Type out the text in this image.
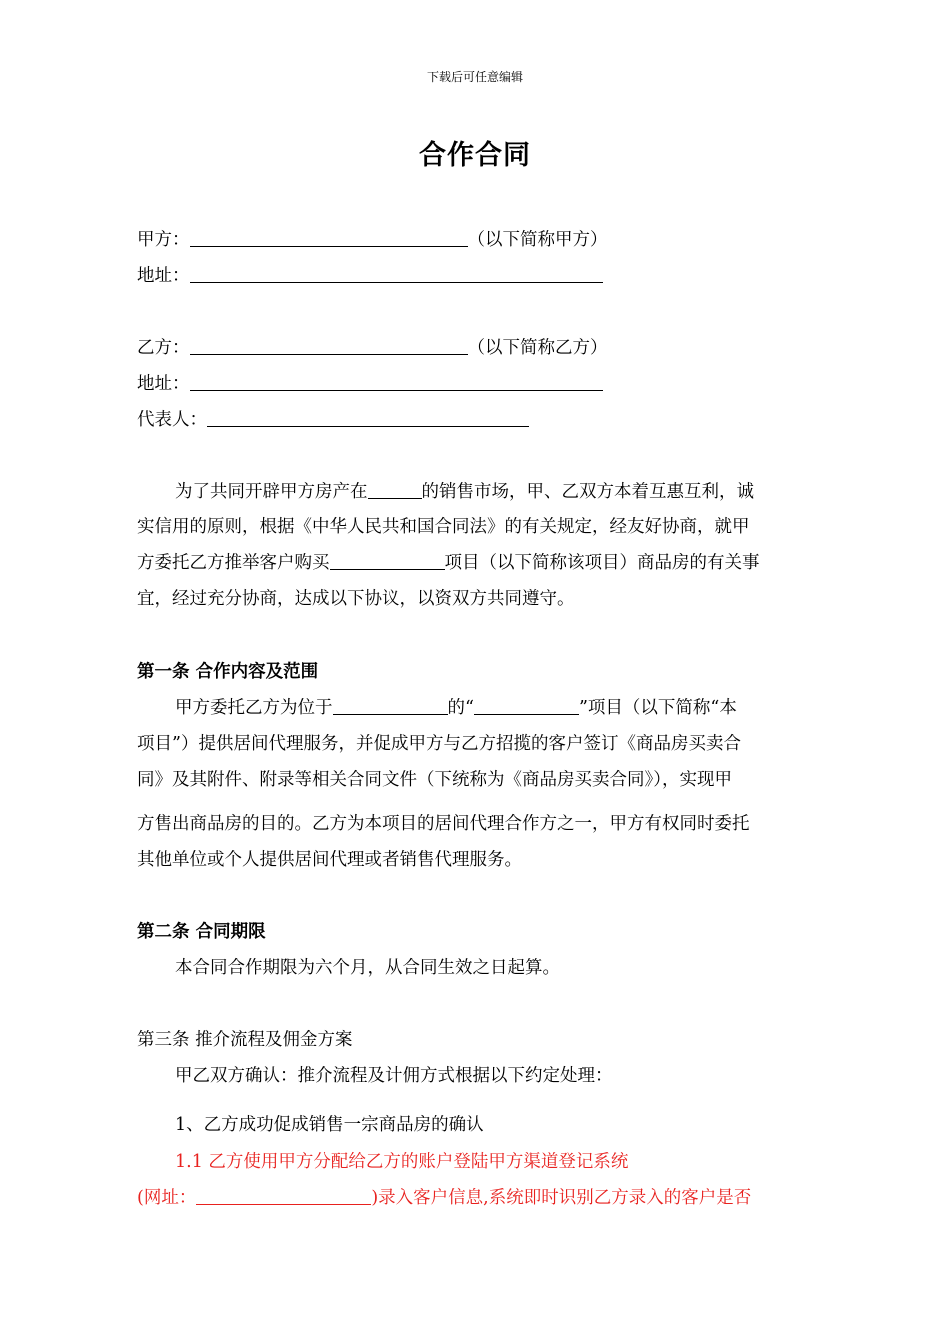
下载后可任意编辑
合作合同
甲方：	（以下简称甲方）
地址：
乙方：	（以下简称乙方）
地址：
代表人：
为了共同开辟甲方房产在	的销售市场，甲、乙双方本着互惠互利，诚
实信用的原则，根据《中华人民共和国合同法》的有关规定，经友好协商，就甲
方委托乙方推举客户购买	项目（以下简称该项目）商品房的有关事
宜，经过充分协商，达成以下协议，以资双方共同遵守。
第一条 合作内容及范围
甲方委托乙方为位于	的“	”项目（以下简称“本
项目”）提供居间代理服务，并促成甲方与乙方招揽的客户签订《商品房买卖合
同》及其附件、附录等相关合同文件（下统称为《商品房买卖合同》），实现甲
方售出商品房的目的。乙方为本项目的居间代理合作方之一，甲方有权同时委托
其他单位或个人提供居间代理或者销售代理服务。
第二条 合同期限
本合同合作期限为六个月，从合同生效之日起算。
第三条 推介流程及佣金方案
甲乙双方确认：推介流程及计佣方式根据以下约定处理：
1、乙方成功促成销售一宗商品房的确认
1.1 乙方使用甲方分配给乙方的账户登陆甲方渠道登记系统
(网址：	)录入客户信息,系统即时识别乙方录入的客户是否
